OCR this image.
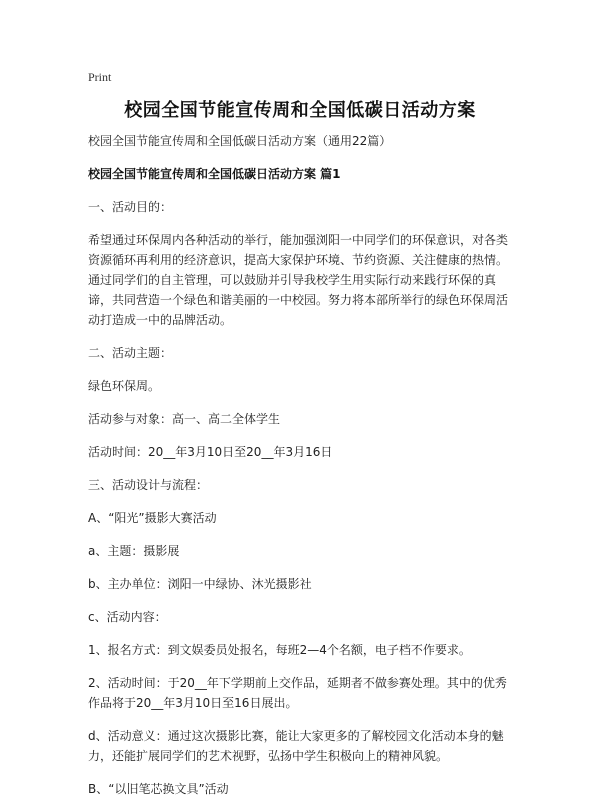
Print
校园全国节能宣传周和全国低碳日活动方案

校园全国节能宣传周和全国低碳日活动方案（通用22篇）

校园全国节能宣传周和全国低碳日活动方案 篇1

一、活动目的：

希望通过环保周内各种活动的举行，能加强浏阳一中同学们的环保意识，对各类资源循环再利用的经济意识，提高大家保护环境、节约资源、关注健康的热情。通过同学们的自主管理，可以鼓励并引导我校学生用实际行动来践行环保的真谛，共同营造一个绿色和谐美丽的一中校园。努力将本部所举行的绿色环保周活动打造成一中的品牌活动。

二、活动主题：

绿色环保周。

活动参与对象：高一、高二全体学生

活动时间：20__年3月10日至20__年3月16日

三、活动设计与流程：

A、“阳光”摄影大赛活动

a、主题：摄影展

b、主办单位：浏阳一中绿协、沐光摄影社

c、活动内容：

1、报名方式：到文娱委员处报名，每班2—4个名额，电子档不作要求。

2、活动时间：于20__年下学期前上交作品，延期者不做参赛处理。其中的优秀作品将于20__年3月10日至16日展出。

d、活动意义：通过这次摄影比赛，能让大家更多的了解校园文化活动本身的魅力，还能扩展同学们的艺术视野，弘扬中学生积极向上的精神风貌。

B、“以旧笔芯换文具”活动
